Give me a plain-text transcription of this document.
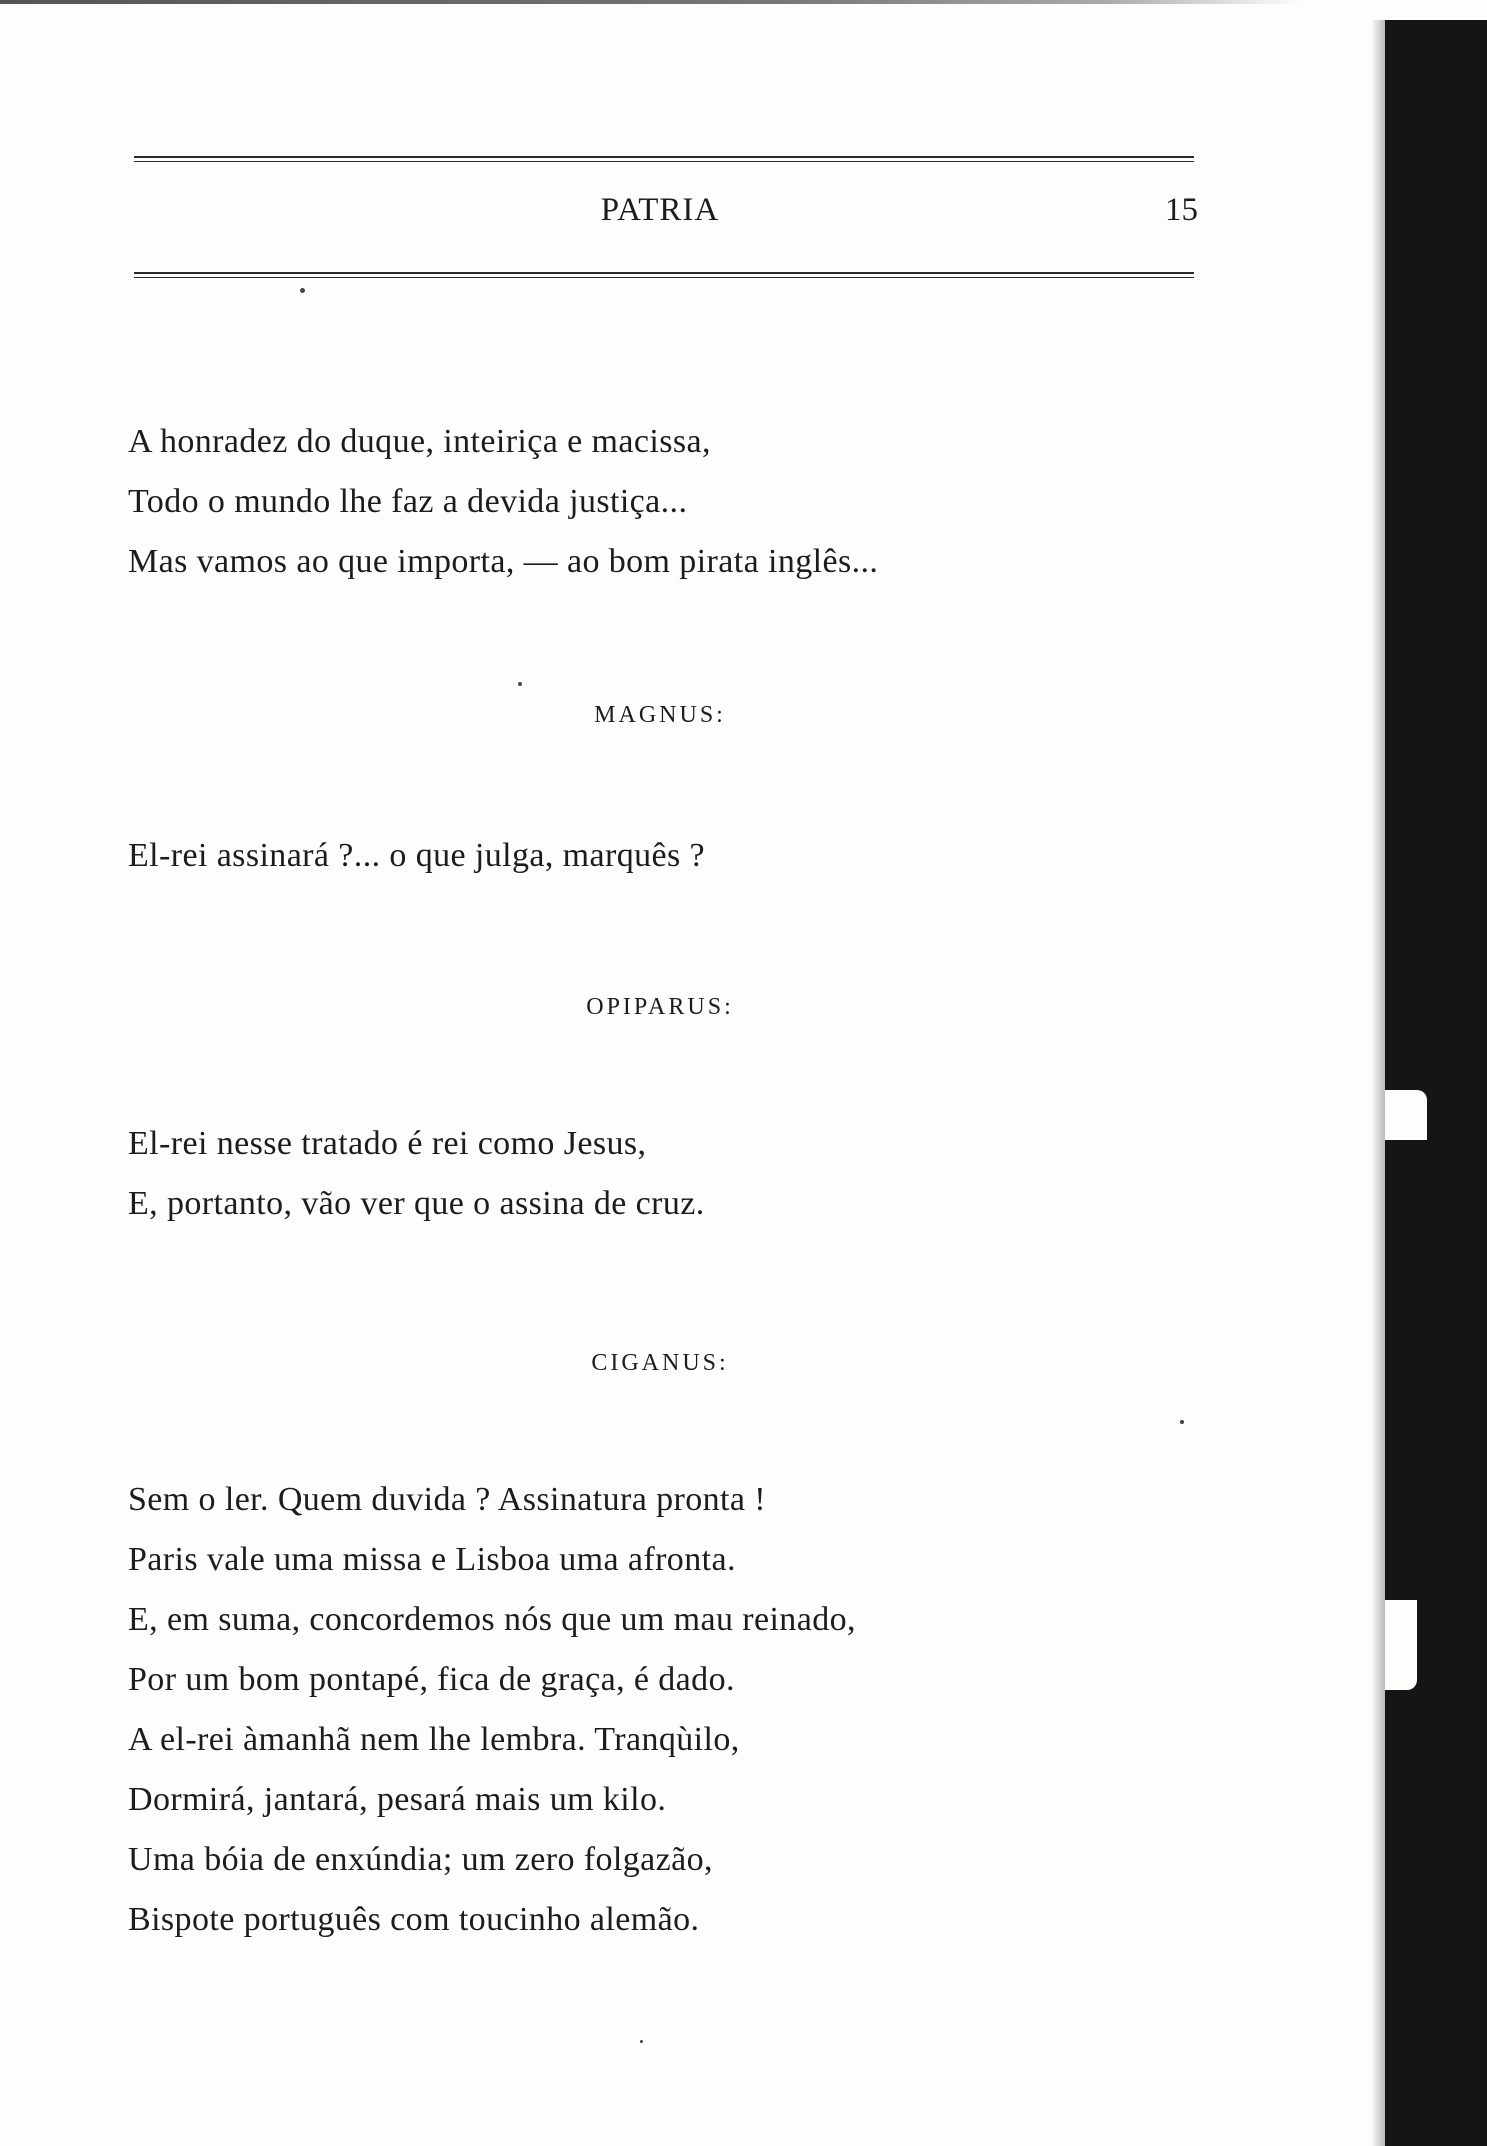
PATRIA	15
A honradez do duque, inteiriça e macissa,
Todo o mundo lhe faz a devida justiça...
Mas vamos ao que importa, — ao bom pirata inglês...
MAGNUS:
El-rei assinará ?... o que julga, marquês ?
OPIPARUS:
El-rei nesse tratado é rei como Jesus,
E, portanto, vão ver que o assina de cruz.
CIGANUS:
Sem o ler. Quem duvida ? Assinatura pronta !
Paris vale uma missa e Lisboa uma afronta.
E, em suma, concordemos nós que um mau reinado,
Por um bom pontapé, fica de graça, é dado.
A el-rei àmanhã nem lhe lembra. Tranqùilo,
Dormirá, jantará, pesará mais um kilo.
Uma bóia de enxúndia; um zero folgazão,
Bispote português com toucinho alemão.
